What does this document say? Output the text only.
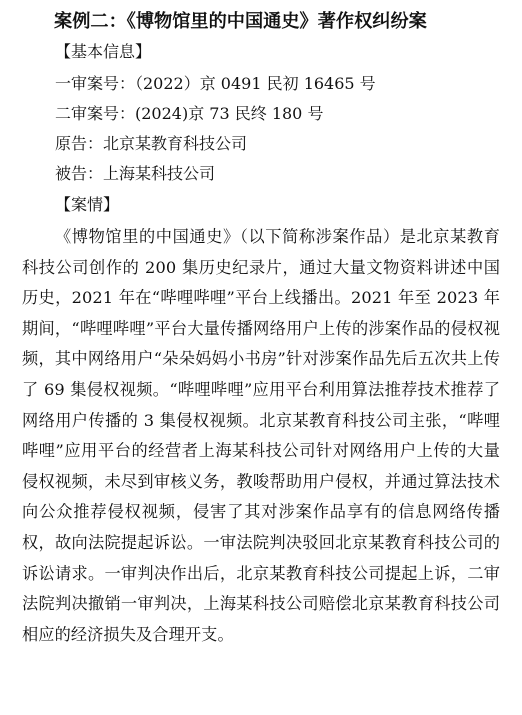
案例二：《博物馆里的中国通史》著作权纠纷案
【基本信息】
一审案号：（2022）京 0491 民初 16465 号
二审案号：(2024)京 73 民终 180 号
原告：北京某教育科技公司
被告：上海某科技公司
【案情】

《博物馆里的中国通史》（以下简称涉案作品）是北京某教育科技公司创作的 200 集历史纪录片，通过大量文物资料讲述中国历史，2021 年在“哔哩哔哩”平台上线播出。2021 年至 2023 年期间，“哔哩哔哩”平台大量传播网络用户上传的涉案作品的侵权视频，其中网络用户“朵朵妈妈小书房”针对涉案作品先后五次共上传了 69 集侵权视频。“哔哩哔哩”应用平台利用算法推荐技术推荐了网络用户传播的 3 集侵权视频。北京某教育科技公司主张，“哔哩哔哩”应用平台的经营者上海某科技公司针对网络用户上传的大量侵权视频，未尽到审核义务，教唆帮助用户侵权，并通过算法技术向公众推荐侵权视频，侵害了其对涉案作品享有的信息网络传播权，故向法院提起诉讼。一审法院判决驳回北京某教育科技公司的诉讼请求。一审判决作出后，北京某教育科技公司提起上诉，二审法院判决撤销一审判决，上海某科技公司赔偿北京某教育科技公司相应的经济损失及合理开支。
